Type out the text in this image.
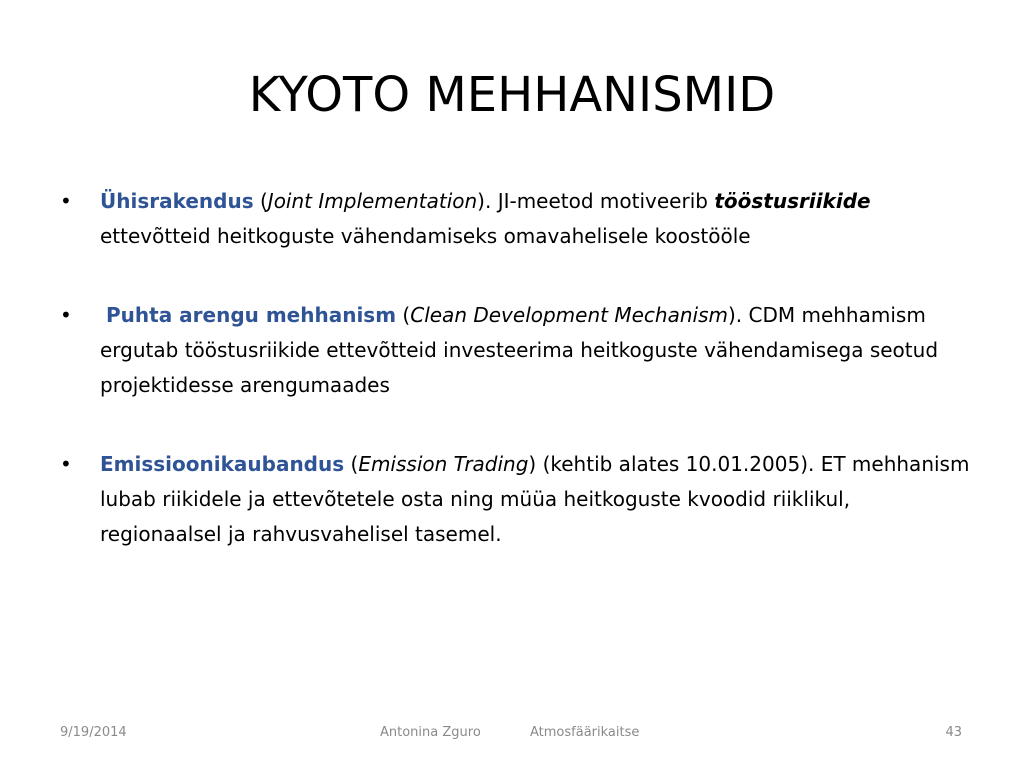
KYOTO MEHHANISMID
•	Ühisrakendus (Joint Implementation). JI-meetod motiveerib tööstusriikide ettevõtteid heitkoguste vähendamiseks omavahelisele koostööle
•	Puhta arengu mehhanism (Clean Development Mechanism). CDM mehhamism ergutab tööstusriikide ettevõtteid investeerima heitkoguste vähendamisega seotud projektidesse arengumaades
•	Emissioonikaubandus (Emission Trading) (kehtib alates 10.01.2005). ET mehhanism lubab riikidele ja ettevõtetele osta ning müüa heitkoguste kvoodid riiklikul, regionaalsel ja rahvusvahelisel tasemel.
9/19/2014	Antonina Zguro	Atmosfäärikaitse	43
